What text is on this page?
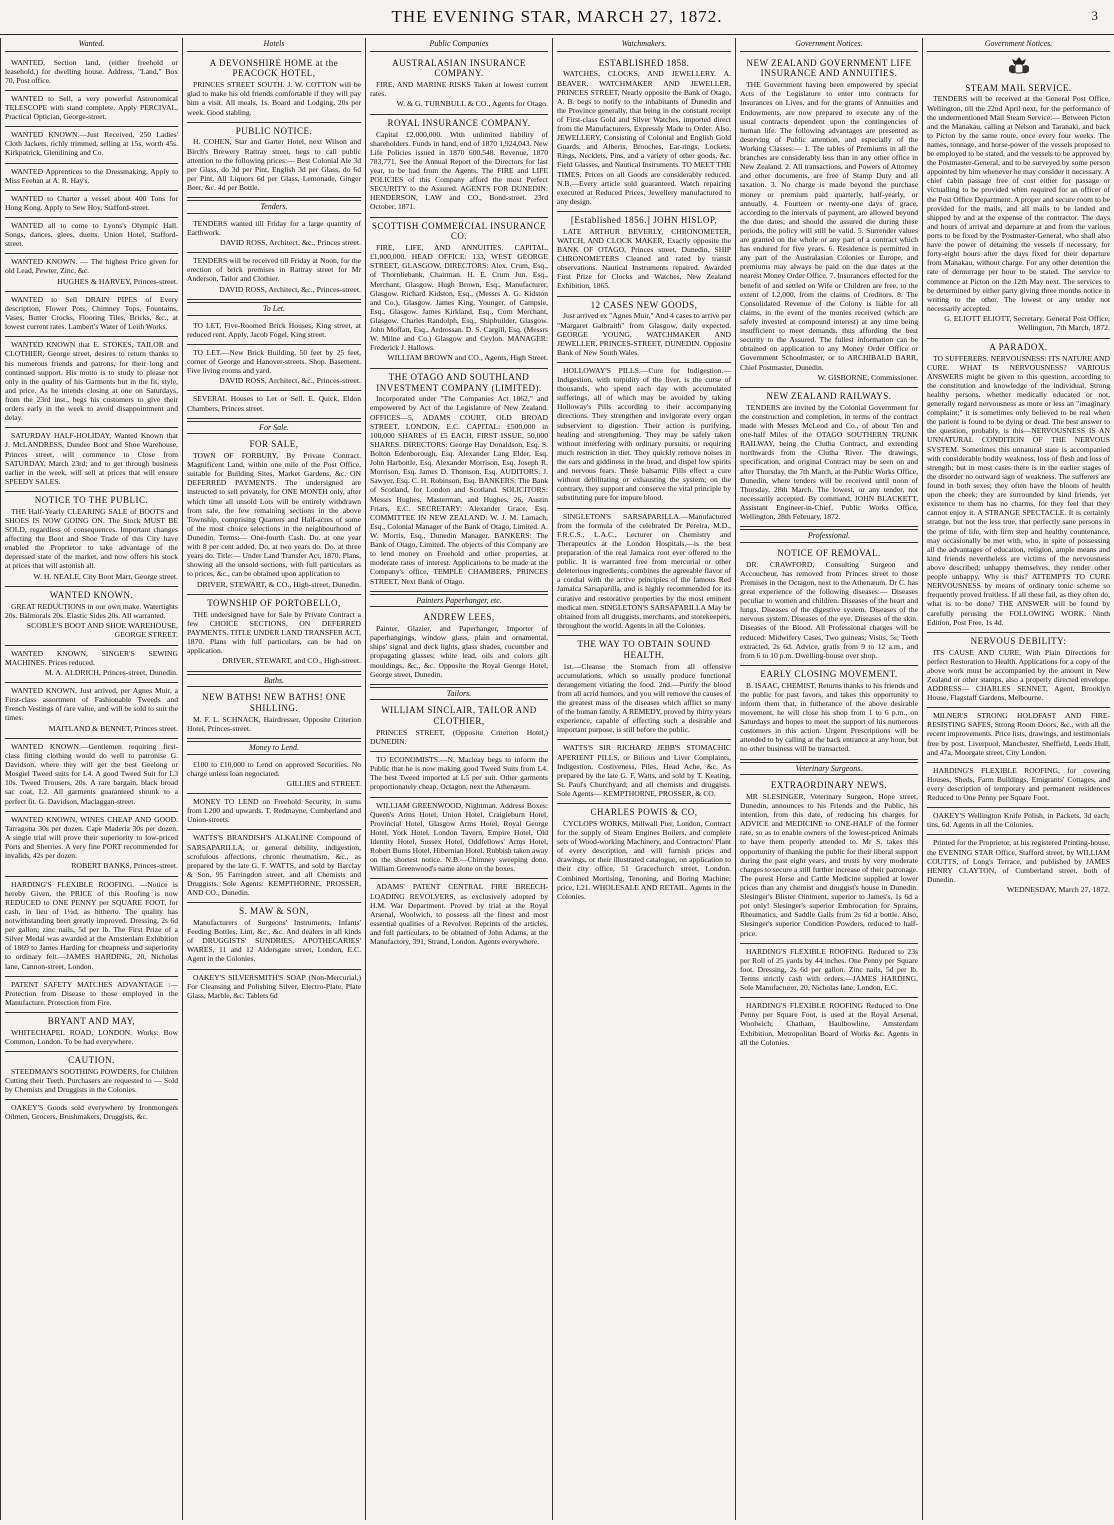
THE EVENING STAR, MARCH 27, 1872.	3
Wanted.

WANTED, Section land, (either freehold or leasehold,) for dwelling house. Address, "Land," Box 70, Post office.

WANTED to Sell, a very powerful Astronomical TELESCOPE with stand complete. Apply PERCIVAL, Practical Optician, George-street.

WANTED KNOWN.—Just Received, 250 Ladies' Cloth Jackets, richly trimmed, selling at 15s, worth 45s. Kirkpatrick, Glendining and Co.

WANTED Apprentices to the Dressmaking. Apply to Miss Feehan at A. R. Hay's.

WANTED to Charter a vessel about 400 Tons for Hong Kong. Apply to Sew Hoy, Stafford-street.

WANTED all to come to Lyons's Olympic Hall. Songs, dances, glees, duetts. Union Hotel, Stafford-street.

WANTED KNOWN. — The highest Price given for old Lead, Pewter, Zinc, &c.

HUGHES & HARVEY, Princes-street.

WANTED to Sell DRAIN PIPES of Every description, Flower Pots, Chimney Tops, Fountains, Vases, Butter Crocks, Flooring Tiles, Bricks, &c., at lowest current rates. Lambert's Water of Leith Works.

WANTED KNOWN that E. STOKES, TAILOR and CLOTHIER, George street, desires to return thanks to his numerous friends and patrons, for their long and continued support. His motto is to study to please not only in the quality of his Garments but in the fit, style, and price. As he intends closing at one on Saturdays, from the 23rd inst., begs his customers to give their orders early in the week to avoid disappointment and delay.

SATURDAY HALF-HOLIDAY, Wanted Known that J. McLANDRESS, Dundee Boot and Shoe Warehouse, Princes street, will commence to Close from SATURDAY, March 23rd; and to get through business earlier in the week, will sell at prices that will ensure SPEEDY SALES.

NOTICE TO THE PUBLIC.

THE Half-Yearly CLEARING SALE of BOOTS and SHOES IS NOW GOING ON. The Stock MUST BE SOLD, regardless of consequences. Important changes affecting the Boot and Shoe Trade of this City have enabled the Proprietor to take advantage of the depressed state of the market, and now offers his stock at prices that will astonish all.

W. H. NEALE, City Boot Mart, George street.

WANTED KNOWN.

GREAT REDUCTIONS in our own make. Watertights 20s. Balmorals 20s. Elastic Sides 20s. All warranted.

SCOBLE'S BOOT AND SHOE WAREHOUSE, GEORGE STREET.

WANTED KNOWN, SINGER'S SEWING MACHINES. Prices reduced.

M. A. ALDRICH, Princes-street, Dunedin.

WANTED KNOWN, Just arrived, per Agnes Muir, a First-class assortment of Fashionable Tweeds and French Vestings of rare value, and will be sold to suit the times.

MAITLAND & BENNET, Princes street.

WANTED KNOWN.—Gentlemen requiring first-class fitting clothing would do well to patronise G. Davidson, where they will get the best Geelong or Mosgiel Tweed suits for L4. A good Tweed Suit for L3 10s. Tweed Trousers, 20s. A rare bargain, black broad sac coat, L2. All garments guaranteed shrunk to a perfect fit. G. Davidson, Maclaggan-street.

WANTED KNOWN, WINES CHEAP AND GOOD. Tarragona 30s per dozen. Cape Maderia 30s per dozen. A single trial will prove their superiority to low-priced Ports and Sherries. A very fine PORT recommended for invalids, 42s per dozen.

ROBERT BANKS, Princes-street.

HARDING'S FLEXIBLE ROOFING. —Notice is hereby Given, the PRICE of this Roofing is now REDUCED to ONE PENNY per SQUARE FOOT, for cash, in lieu of 1½d, as hitherto. The quality has notwithstanding been greatly improved. Dressing, 2s 6d per gallon; zinc nails, 5d per lb. The First Prize of a Silver Medal was awarded at the Amsterdam Exhibition of 1869 to James Harding for cheapness and superiority to ordinary felt.—JAMES HARDING, 20, Nicholas lane, Cannon-street, London.

PATENT SAFETY MATCHES ADVANTAGE :— Protection from Disease to those employed in the Manufacture. Protection from Fire.

BRYANT AND MAY,

WHITECHAPEL ROAD, LONDON. Works: Bow Common, London. To be had everywhere.

CAUTION.

STEEDMAN'S SOOTHING POWDERS, for Children Cutting their Teeth. Purchasers are requested to — Sold by Chemists and Druggists in the Colonies.

OAKEY'S Goods sold everywhere by Ironmongers Oilmen, Grocers, Brushmakers, Druggists, &c.

Hotels

A DEVONSHIRE HOME at the PEACOCK HOTEL,

PRINCES STREET SOUTH. J. W. COTTON will be glad to make his old friends comfortable if they will pay him a visit. All meals, 1s. Board and Lodging, 20s per week. Good stabling.

PUBLIC NOTICE.

H. COHEN, Star and Garter Hotel, next Wilson and Birch's Brewery Rattray street, begs to call public attention to the following prices:— Best Colonial Ale 3d per Glass, do 3d per Pint, English 3d per Glass, do 6d per Pint, All Liquors 6d per Glass, Lemonade, Ginger Beer, &c. 4d per Bottle.

Tenders.

TENDERS wanted till Friday for a large quantity of Earthwork.

DAVID ROSS, Architect, &c., Princes street.

TENDERS will be received till Friday at Noon, for the erection of brick premises in Rattray street for Mr Anderson, Tailor and Clothier.

DAVID ROSS, Architect, &c., Princes-street.

To Let.

TO LET, Five-Roomed Brick Houses, King street, at reduced rent. Apply, Jacob Fogel, King street.

TO LET.—New Brick Building, 50 feet by 25 feet, corner of George and Hanover-streets. Shop. Basement. Five living rooms and yard.

DAVID ROSS, Architect, &c., Princes-street.

SEVERAL Houses to Let or Sell. E. Quick, Eldon Chambers, Princes street.

For Sale.

FOR SALE,

TOWN OF FORBURY, By Private Contract. Magnificent Land, within one mile of the Post Office, suitable for Building Sites, Market Gardens, &c. ON DEFERRED PAYMENTS. The undersigned are instructed to sell privately, for ONE MONTH only, after which time all unsold Lots will be entirely withdrawn from sale, the few remaining sections in the above Township, comprising Quarters and Half-acres of some of the most choice selections in the neighbourhood of Dunedin. Terms:— One-fourth Cash. Do. at one year with 8 per cent added. Do. at two years do. Do. at three years do. Title:— Under Land Transfer Act, 1870. Plans, showing all the unsold sections, with full particulars as to prices, &c., can be obtained upon application to

DRIVER, STEWART, & CO., High-street, Dunedin.

TOWNSHIP OF PORTOBELLO,

THE undersigned have for Sale by Private Contract a few CHOICE SECTIONS, ON DEFERRED PAYMENTS. TITLE UNDER LAND TRANSFER ACT, 1870. Plans with full particulars, can be had on application.

DRIVER, STEWART, and CO., High-street.

Baths.

NEW BATHS! NEW BATHS! ONE SHILLING.

M. F. L. SCHNACK, Hairdresser, Opposite Criterion Hotel, Princes-street.

Money to Lend.

£100 to £10,000 to Lend on approved Securities. No charge unless loan negociated.

GILLIES and STREET.

MONEY TO LEND on Freehold Security, in sums from L200 and upwards. T. Redmayne, Cumberland and Union-streets.

WATTS'S BRANDISH'S ALKALINE Compound of SARSAPARILLA, or general debility, indigestion, scrofulous affections, chronic rheumatism, &c., as prepared by the late G. F. WATTS, and sold by Barclay & Son, 95 Farringdon street, and all Chemists and Druggists. Sole Agents: KEMPTHORNE, PROSSER, AND CO., Dunedin.

S. MAW & SON,

Manufacturers of Surgeons' Instruments, Infants' Feeding Bottles, Lint, &c., &c. And dealers in all kinds of DRUGGISTS' SUNDRIES, APOTHECARIES' WARES, 11 and 12 Aldersgate street, London, E.C. Agent in the Colonies.

OAKEY'S SILVERSMITH'S SOAP (Non-Mercurial,) For Cleansing and Polishing Silver, Electro-Plate, Plate Glass, Marble, &c. Tablets 6d

Public Companies

AUSTRALASIAN INSURANCE COMPANY.

FIRE, AND MARINE RISKS Taken at lowest current rates.

W. & G. TURNBULL & CO., Agents for Otago.

ROYAL INSURANCE COMPANY.

Capital £2,000,000. With unlimited liability of shareholders. Funds in hand, end of 1870 1,924,043. New Life Policies issued in 1870 600,548. Revenue, 1870 783,771. See the Annual Report of the Directors for last year, to be had from the Agents. The FIRE and LIFE POLICIES of this Company afford the most Perfect SECURITY to the Assured. AGENTS FOR DUNEDIN: HENDERSON, LAW and CO., Bond-street. 23rd October, 1871.

SCOTTISH COMMERCIAL INSURANCE CO.

FIRE, LIFE, AND ANNUITIES. CAPITAL, £1,000,000. HEAD OFFICE: 133, WEST GEORGE STREET, GLASGOW. DIRECTORS: Alex. Crum, Esq., of Thornliebank, Chairman. H. E. Crum Jun. Esq., Merchant, Glasgow. Hugh Brown, Esq., Manufacturer, Glasgow. Richard Kidston, Esq., (Messrs A. G. Kidston and Co.), Glasgow. James King, Younger, of Campsie, Esq., Glasgow. James Kirkland, Esq., Corn Merchant, Glasgow. Charles Randolph, Esq., Shipbuilder, Glasgow. John Moffatt, Esq., Ardrossan. D. S. Cargill, Esq. (Messrs W. Milne and Co.) Glasgow and Ceylon. MANAGER: Frederick J. Hallows.

WILLIAM BROWN and CO., Agents, High Street.

THE OTAGO AND SOUTHLAND INVESTMENT COMPANY (LIMITED).

Incorporated under "The Companies Act 1862," and empowered by Act of the Legislature of New Zealand. OFFICES—5, ADAMS COURT, OLD BROAD STREET, LONDON, E.C. CAPITAL: £500,000 in 100,000 SHARES of £5 EACH, FIRST ISSUE, 50,000 SHARES. DIRECTORS: George Hay Donaldson, Esq. S. Bolton Edenborough, Esq. Alexander Lang Elder, Esq. John Harbottle, Esq. Alexander Morrison, Esq. Joseph R. Morrison, Esq. James D. Thomson, Esq. AUDITORS: J. Sawyer, Esq. C. H. Robinson, Esq. BANKERS: The Bank of Scotland, for London and Scotland. SOLICITORS: Messrs Hughes, Masterman, and Hughes, 26, Austin Friars, E.C. SECRETARY: Alexander Grace, Esq. COMMITTEE IN NEW ZEALAND: W. J. M. Larnach, Esq., Colonial Manager of the Bank of Otago, Limited. A. W. Morris, Esq., Dunedin Manager. BANKERS: The Bank of Otago, Limited. The objects of this Company are to lend money on Freehold and other properties, at moderate rates of interest. Applications to be made at the Company's office, TEMPLE CHAMBERS, PRINCES STREET, Next Bank of Otago.

Painters Paperhanger, etc.

ANDREW LEES,

Painter, Glazier, and Paperhanger, Importer of paperhangings, window glass, plain and ornamental, ships' signal and deck lights, glass shades, cucumber and propagating glasses; white lead, oils and colors gilt mouldings, &c., &c. Opposite the Royal George Hotel, George street, Dunedin.

Tailors.

WILLIAM SINCLAIR, TAILOR AND CLOTHIER,

PRINCES STREET, (Opposite Criterion Hotel,) DUNEDIN.

TO ECONOMISTS.—N. Macleay begs to inform the Public that he is now making good Tweed Suits from L4. The best Tweed imported at L5 per suit. Other garments proportionately cheap. Octagon, next the Athenæum.

WILLIAM GREENWOOD, Nightman. Address Boxes: Queen's Arms Hotel, Union Hotel, Craigieburn Hotel, Provincial Hotel, Glasgow Arms Hotel, Royal George Hotel, York Hotel, London Tavern, Empire Hotel, Old Identity Hotel, Sussex Hotel, Oddfellows' Arms Hotel, Robert Burns Hotel, Hibernian Hotel. Rubbish taken away on the shortest notice. N.B.—Chimney sweeping done. William Greenwood's name alone on the boxes.

ADAMS' PATENT CENTRAL FIRE BREECH-LOADING REVOLVERS, as exclusively adopted by H.M. War Department. Proved by trial at the Royal Arsenal, Woolwich, to possess all the finest and most essential qualities of a Revolver. Reprints of the articles, and full particulars, to be obtained of John Adams, at the Manufactory, 391, Strand, London. Agents everywhere.

Watchmakers.

ESTABLISHED 1858.

WATCHES, CLOCKS, AND JEWELLERY. A. BEAVER, WATCHMAKER AND JEWELLER, PRINCES STREET, Nearly opposite the Bank of Otago, A. B. begs to notify to the inhabitants of Dunedin and the Province generally, that being in the constant receipt of First-class Gold and Silver Watches, imported direct from the Manufacturers, Expressly Made to Order. Also, JEWELLERY, Consisting of Colonial and English Gold Guards, and Alberts, Brooches, Ear-rings, Lockets, Rings, Necklets, Pins, and a variety of other goods, &c. Field Glasses, and Nautical Instruments. TO MEET THE TIMES, Prices on all Goods are considerably reduced. N.B.—Every article sold guaranteed. Watch repairing executed at Reduced Prices, Jewellery manufactured to any design.

[Established 1856.] JOHN HISLOP,

LATE ARTHUR BEVERLY, CHRONOMETER, WATCH, AND CLOCK MAKER, Exactly opposite the BANK OF OTAGO, Princes street, Dunedin, SHIP CHRONOMETERS Cleaned and rated by transit observations. Nautical Instruments repaired. Awarded First Prize for Clocks and Watches, New Zealand Exhibition, 1865.

12 CASES NEW GOODS,

Just arrived ex "Agnes Muir," And 4 cases to arrive per "Margaret Galbraith" from Glasgow, daily expected. GEORGE YOUNG, WATCHMAKER AND JEWELLER, PRINCES-STREET, DUNEDIN. Opposite Bank of New South Wales.

HOLLOWAY'S PILLS.—Cure for Indigestion.—Indigestion, with torpidity of the liver, is the curse of thousands, who spend each day with accumulated sufferings, all of which may be avoided by taking Holloway's Pills according to their accompanying directions. They strengthen and invigorate every organ subservient to digestion. Their action is purifying, healing and strengthening. They may be safely taken without interfering with ordinary pursuits, or requiring much restriction in diet. They quickly remove noises in the ears and giddiness in the head, and dispel low spirits and nervous fears. These balsamic Pills effect a cure without debilitating or exhausting the system; on the contrary, they support and conserve the vital principle by substituting pure for impure blood.

SINGLETON'S SARSAPARILLA.—Manufactured from the formula of the celebrated Dr Pereira, M.D., F.R.C.S., L.A.C., Lecturer on Chemistry and Therapeutics at the London Hospitals,—is the best preparation of the real Jamaica root ever offered to the public. It is warranted free from mercurial or other deleterious ingredients, combines the agreeable flavor of a cordial with the active principles of the famous Red Jamaica Sarsaparilla, and is highly recommended for its curative and restorative properties by the most eminent medical men. SINGLETON'S SARSAPARILLA May be obtained from all druggists, merchants, and storekeepers, throughout the world. Agents in all the Colonies.

THE WAY TO OBTAIN SOUND HEALTH.

1st.—Cleanse the Stomach from all offensive accumulations, which so usually produce functional derangement vitiating the food. 2nd.—Purify the blood from all acrid humors, and you will remove the causes of the greatest mass of the diseases which afflict so many of the human family. A REMEDY, proved by thirty years experience, capable of effecting such a desirable and important purpose, is still before the public.

WATTS'S SIR RICHARD JEBB'S STOMACHIC APERIENT PILLS, or Bilious and Liver Complaints, Indigestion, Costiveness, Piles, Head Ache, &c. As prepared by the late G. F. Watts, and sold by T. Keating, St. Paul's Churchyard; and all chemists and druggists. Sole Agents— KEMPTHORNE, PROSSER, & CO.

CHARLES POWIS & CO,

CYCLOPS WORKS, Millwall Pier, London, Contract for the supply of Steam Engines Boilers, and complete sets of Wood-working Machinery, and Contractors' Plant of every description, and will furnish prices and drawings, or their illustrated catalogue, on application to their city office, 51 Gracechurch street, London. Combined Mortising, Tenoning, and Boring Machine; price, L21. WHOLESALE AND RETAIL. Agents in the Colonies.

Government Notices.

NEW ZEALAND GOVERNMENT LIFE INSURANCE AND ANNUITIES.

THE Government having been empowered by special Acts of the Legislature to enter into contracts for Insurances on Lives, and for the grants of Annuities and Endowments, are now prepared to execute any of the usual contracts dependent upon the contingencies of human life. The following advantages are presented as deserving of Public attention, and especially of the Working Classes:— 1. The tables of Premiums in all the branches are considerably less than in any other office in New Zealand. 2. All transactions, and Powers of Attorney and other documents, are free of Stamp Duty and all taxation. 3. No charge is made beyond the purchase money or premium paid quarterly, half-yearly, or annually. 4. Fourteen or twenty-one days of grace, according to the intervals of payment, are allowed beyond the due dates; and should the assured die during these periods, the policy will still be valid. 5. Surrender values are granted on the whole or any part of a contract which has endured for five years. 6. Residence is permitted in any part of the Australasian Colonies or Europe, and premiums may always be paid on the due dates at the nearest Money Order Office. 7. Insurances effected for the benefit of and settled on Wife or Children are free, to the extent of L2,000, from the claims of Creditors. 8. The Consolidated Revenue of the Colony is liable for all claims, in the event of the monies received (which are safely invested at compound interest) at any time being insufficient to meet demands, thus affording the best security to the Assured. The fullest information can be obtained on application to any Money Order Office or Government Schoolmaster, or to ARCHIBALD BARR, Chief Postmaster, Dunedin.

W. GISBORNE, Commissioner.

NEW ZEALAND RAILWAYS.

TENDERS are invited by the Colonial Government for the construction and completion, in terms of the contract made with Messrs McLeod and Co., of about Ten and one-half Miles of the OTAGO SOUTHERN TRUNK RAILWAY, being the Clutha Contract, and extending northwards from the Clutha River. The drawings, specification, and original Contract may be seen on and after Thursday, the 7th March, at the Public Works Office, Dunedin, where tenders will be received until noon of Thursday, 28th March. The lowest, or any tender, not necessarily accepted. By command, JOHN BLACKETT, Assistant Engineer-in-Chief. Public Works Office, Wellington, 28th February, 1872.

Professional.

NOTICE OF REMOVAL.

DR. CRAWFORD, Consulting Surgeon and Accoucheur, has removed from Princes street to those Premises in the Octagon, next to the Athenæum. Dr C. has great experience of the following diseases:— Diseases peculiar to women and children. Diseases of the heart and lungs. Diseases of the digestive system. Diseases of the nervous system. Diseases of the eye. Diseases of the skin. Diseases of the Blood. All Professional charges will be reduced: Midwifery Cases, Two guineas; Visits, 5s; Teeth extracted, 2s 6d. Advice, gratis from 9 to 12 a.m., and from 6 to 10 p.m. Dwelling-house over shop.

EARLY CLOSING MOVEMENT.

B. ISAAC, CHEMIST, Returns thanks to his friends and the public for past favors, and takes this opportunity to inform them that, in futherance of the above desirable movement, he will close his shop from 1 to 6 p.m., on Saturdays and hopes to meet the support of his numerous customers in this action. Urgent Prescriptions will be attended to by calling at the back entrance at any hour, but no other business will be transacted.

Veterinary Surgeons.

EXTRAORDINARY NEWS.

MR SLESINGER, Veterinary Surgeon, Hope street, Dunedin, announces to his Friends and the Public, his intention, from this date, of reducing his charges for ADVICE and MEDICINE to ONE-HALF of the former rate, so as to enable owners of the lowest-priced Animals to have them properly attended to. Mr S. takes this opportunity of thanking the public for their liberal support during the past eight years, and trusts by very moderate charges to secure a still further increase of their patronage. The purest Horse and Cattle Medicine supplied at lower prices than any chemist and druggist's house in Dunedin. Slesinger's Blister Ointment, superior to James's, 1s 6d a pot only! Slesinger's superior Embrocation for Sprains, Rheumatics, and Saddle Galls from 2s 6d a bottle. Also, Slesinger's superior Condition Powders, reduced to half-price.

HARDING'S FLEXIBLE ROOFING. Reduced to 23s per Roll of 25 yards by 44 inches. One Penny per Square foot. Dressing, 2s 6d per gallon. Zinc nails, 5d per lb. Terms strictly cash with orders.—JAMES HARDING, Sole Manufacturer, 20, Nicholas lane, London, E.C.

HARDING'S FLEXIBLE ROOFING Reduced to One Penny per Square Foot, is used at the Royal Arsenal, Woolwich; Chatham, Haulbowline, Amsterdam Exhibition, Metropolitan Board of Works &c. Agents in all the Colonies.

Government Notices.

STEAM MAIL SERVICE.

TENDERS will be received at the General Post Office, Wellington, till the 22nd April next, for the performance of the undermentioned Mail Steam Service:— Between Picton and the Manakau, calling at Nelson and Taranaki, and back to Picton by the same route, once every four weeks. The names, tonnage, and horse-power of the vessels proposed to be employed to be stated, and the vessels to be approved by the Postmaster-General, and to be surveyed by some person appointed by him whenever he may consider it necessary. A chief cabin passage free of cost either for passage or victualling to be provided when required for an officer of the Post Office Department. A proper and secure room to be provided for the mails, and all mails to be landed and shipped by and at the expense of the contractor. The days and hours of arrival and departure at and from the various ports to be fixed by the Postmaster-General, who shall also have the power of detaining the vessels if necessary, for forty-eight hours after the days fixed for their departure from Manakau, without charge. For any other detention the rate of demurrage per hour to be stated. The service to commence at Picton on the 12th May next. The services to be determined by either party giving three months notice in writing to the other. The lowest or any tender not necessarily accepted.

G. ELIOTT ELIOTT, Secretary. General Post Office, Wellington, 7th March, 1872.

A PARADOX.

TO SUFFERERS. NERVOUSNESS: ITS NATURE AND CURE. WHAT IS NERVOUSNESS? VARIOUS ANSWERS might be given to this question, according to the constitution and knowledge of the individual. Strong healthy persons, whether medically educated or not, generally regard nervousness as more or less an "imaginary complaint;" it is sometimes only believed to be real when the patient is found to be dying or dead. The best answer to the question, probably, is this—NERVOUSNESS IS AN UNNATURAL CONDITION OF THE NERVOUS SYSTEM. Sometimes this unnatural state is accompanied with considerable bodily weakness, loss of flesh and loss of strength; but in most cases there is in the earlier stages of the disorder no outward sign of weakness. The sufferers are found in both sexes; they often have the bloom of health upon the cheek; they are surrounded by kind friends, yet existence to them has no charms, for they feel that they cannot enjoy it. A STRANGE SPECTACLE. It is certainly strange, but not the less true, that perfectly sane persons in the prime of life, with firm step and healthy countenance, may occasionally be met with, who, in spite of possessing all the advantages of education, religion, ample means and kind friends nevertheless are victims of the nervousness above described; unhappy themselves, they render other people unhappy. Why is this? ATTEMPTS TO CURE NERVOUSNESS by means of ordinary tonic scheme so frequently proved fruitless. If all these fail, as they often do, what is to be done? THE ANSWER will be found by carefully perusing the FOLLOWING WORK. Ninth Edition, Post Free, 1s 4d.

NERVOUS DEBILITY:

ITS CAUSE AND CURE, With Plain Directions for perfect Restoration to Health. Applications for a copy of the above work must be accompanied by the amount in New Zealand or other stamps, also a properly directed envelope. ADDRESS— CHARLES SENNET, Agent, Brooklyn House, Flagstaff Gardens, Melbourne.

MILNER'S STRONG HOLDFAST AND FIRE-RESISTING SAFES, Strong Room Doors, &c., with all the recent improvements. Price lists, drawings, and testimonials free by post. Liverpool, Manchester, Sheffield, Leeds Hull, and 47a, Moorgate street, City London.

HARDING'S FLEXIBLE ROOFING, for covering Houses, Sheds, Farm Buildings, Emigrants' Cottages, and every description of temporary and permanent residences Reduced to One Penny per Square Foot.

OAKEY'S Wellington Knife Polish, in Packets, 3d each; tins, 6d. Agents in all the Colonies.

Printed for the Proprietor, at his registered Printing-house, the EVENING STAR Office, Stafford street, by WILLIAM COUTTS, of Long's Terrace, and published by JAMES HENRY CLAYTON, of Cumberland street, both of Dunedin.

WEDNESDAY, March 27, 1872.
